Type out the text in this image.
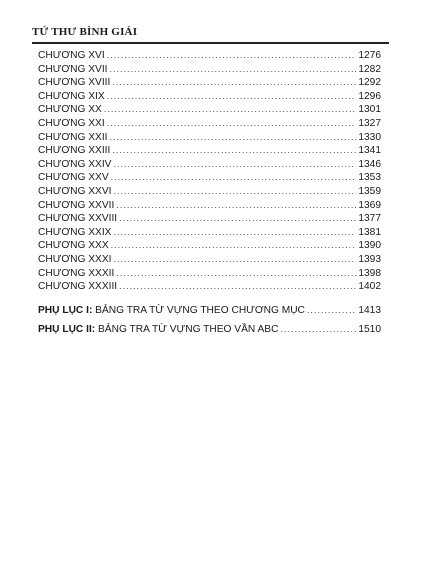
TỨ THƯ BÌNH GIẢI
CHƯƠNG XVI .....	1276
CHƯƠNG XVII .....	1282
CHƯƠNG XVIII .....	1292
CHƯƠNG XIX .....	1296
CHƯƠNG XX .....	1301
CHƯƠNG XXI .....	1327
CHƯƠNG XXII .....	1330
CHƯƠNG XXIII .....	1341
CHƯƠNG XXIV .....	1346
CHƯƠNG XXV .....	1353
CHƯƠNG XXVI .....	1359
CHƯƠNG XXVII .....	1369
CHƯƠNG XXVIII .....	1377
CHƯƠNG XXIX .....	1381
CHƯƠNG XXX .....	1390
CHƯƠNG XXXI .....	1393
CHƯƠNG XXXII .....	1398
CHƯƠNG XXXIII .....	1402
PHỤ LỤC I: BẢNG TRA TỪ VỰNG THEO CHƯƠNG MỤC .....	1413
PHỤ LỤC II: BẢNG TRA TỪ VỰNG THEO VẦN ABC .....	1510
